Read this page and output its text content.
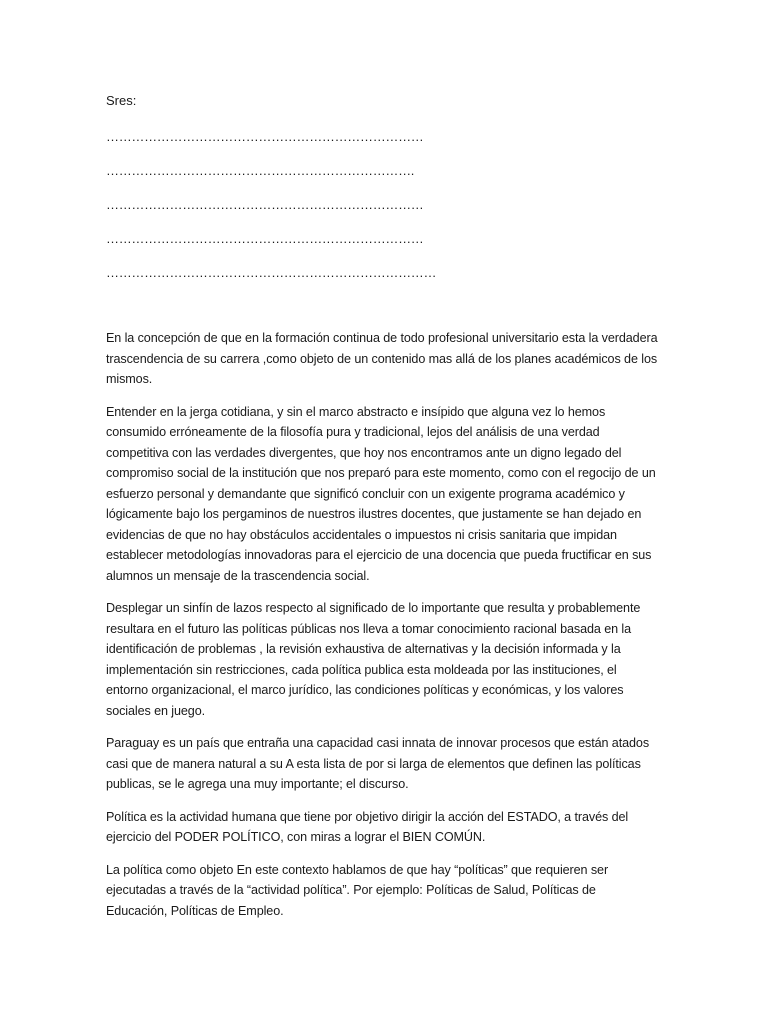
Sres:

…………………………………………………………………

……………………………………………………………….

…………………………………………………………………

…………………………………………………………………

……………………………………………………………………

En la concepción de que en la formación continua de todo profesional universitario esta la verdadera trascendencia de su carrera ,como objeto de un contenido mas allá de los planes académicos de los mismos.

Entender en la jerga cotidiana, y sin el marco abstracto e insípido que alguna vez lo hemos consumido erróneamente de la filosofía pura y tradicional, lejos del análisis de una verdad competitiva con las verdades divergentes, que hoy nos encontramos ante un digno legado del compromiso social de la institución que nos preparó para este momento, como con el regocijo de un esfuerzo personal y demandante que significó concluir con un exigente programa académico y lógicamente bajo los pergaminos de nuestros ilustres docentes, que justamente se han dejado en evidencias de que no hay obstáculos accidentales o impuestos ni crisis sanitaria que impidan establecer metodologías innovadoras para el ejercicio de una docencia que pueda fructificar en sus alumnos un mensaje de la trascendencia social.

Desplegar un sinfín de lazos respecto al significado de lo importante que resulta y probablemente resultara en el futuro las políticas públicas nos lleva a tomar conocimiento racional basada en la identificación de problemas , la revisión exhaustiva de alternativas y la decisión informada y la implementación sin restricciones, cada política publica esta moldeada por las instituciones, el entorno organizacional, el marco jurídico, las condiciones políticas y económicas, y los valores sociales en juego.

Paraguay es un país que entraña una capacidad casi innata de innovar procesos que están atados casi que de manera natural a su A esta lista de por si larga de elementos que definen las políticas publicas, se le agrega una muy importante; el discurso.

Política es la actividad humana que tiene por objetivo dirigir la acción del ESTADO, a través del ejercicio del PODER POLÍTICO, con miras a lograr el BIEN COMÚN.

La política como objeto En este contexto hablamos de que hay “políticas” que requieren ser ejecutadas a través de la “actividad política”. Por ejemplo: Políticas de Salud, Políticas de Educación, Políticas de Empleo.
